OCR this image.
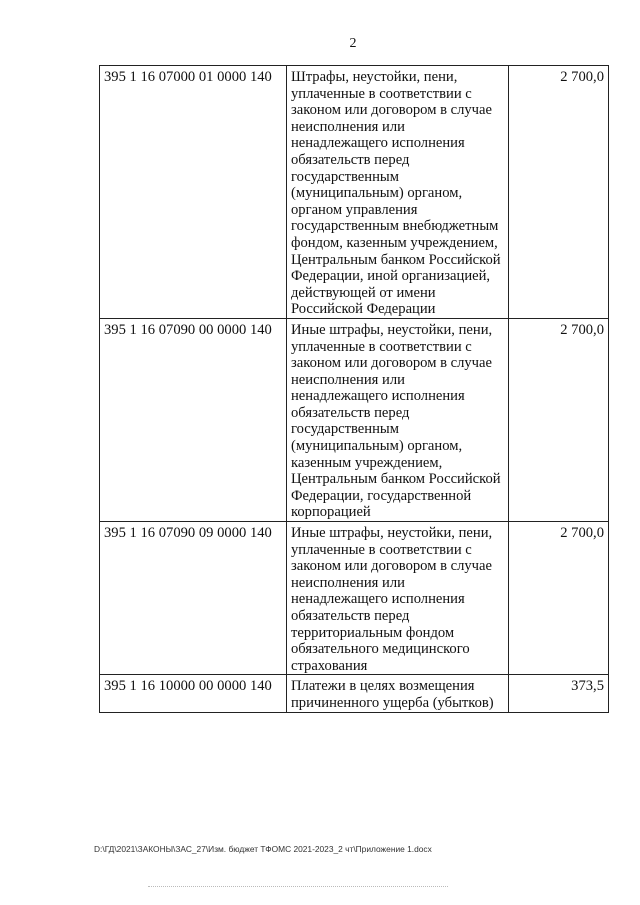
2
395 1 16 07000 01 0000 140	Штрафы, неустойки, пени, уплаченные в соответствии с законом или договором в случае неисполнения или ненадлежащего исполнения обязательств перед государственным (муниципальным) органом, органом управления государственным внебюджетным фондом, казенным учреждением, Центральным банком Российской Федерации, иной организацией, действующей от имени Российской Федерации	2 700,0
395 1 16 07090 00 0000 140	Иные штрафы, неустойки, пени, уплаченные в соответствии с законом или договором в случае неисполнения или ненадлежащего исполнения обязательств перед государственным (муниципальным) органом, казенным учреждением, Центральным банком Российской Федерации, государственной корпорацией	2 700,0
395 1 16 07090 09 0000 140	Иные штрафы, неустойки, пени, уплаченные в соответствии с законом или договором в случае неисполнения или ненадлежащего исполнения обязательств перед территориальным фондом обязательного медицинского страхования	2 700,0
395 1 16 10000 00 0000 140	Платежи в целях возмещения причиненного ущерба (убытков)	373,5
D:\ГД\2021\ЗАКОНЫ\ЗАС_27\Изм. бюджет ТФОМС 2021-2023_2 чт\Приложение 1.docx
